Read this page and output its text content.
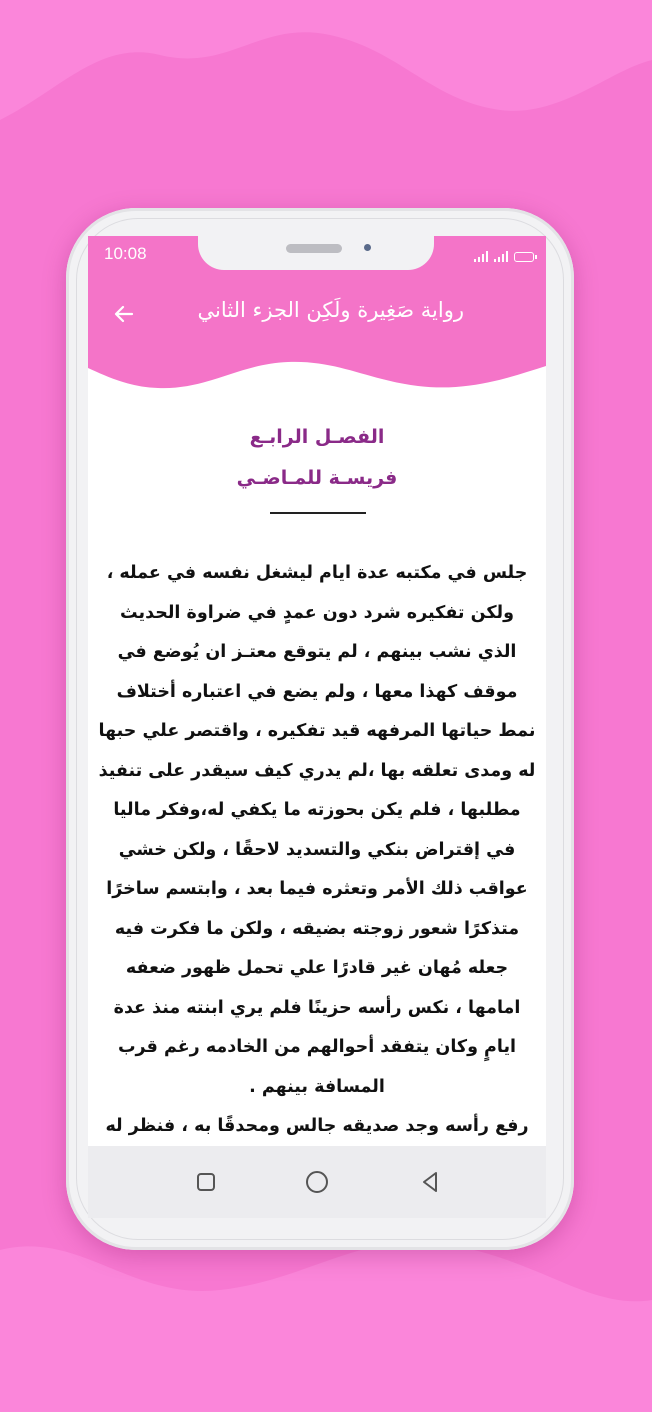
10:08
رواية صَغِيرة ولَكِن الجزء الثاني
الفصـل الرابـع
فريسـة للمـاضـي

جلس في مكتبه عدة ايام ليشغل نفسه في عمله ، ولكن تفكيره شرد دون عمدٍ في ضراوة الحديث الذي نشب بينهم ، لم يتوقع معتـز ان يُوضع في موقف كهذا معها ، ولم يضع في اعتباره أختلاف نمط حياتها المرفهه قيد تفكيره ، واقتصر علي حبها له ومدى تعلقه بها ،لم يدري كيف سيقدر على تنفيذ مطلبها ، فلم يكن بحوزته ما يكفي له،وفكر ماليا في إقتراض بنكي والتسديد لاحقًا ، ولكن خشي عواقب ذلك الأمر وتعثره فيما بعد ، وابتسم ساخرًا متذكرًا شعور زوجته بضيقه ، ولكن ما فكرت فيه جعله مُهان غير قادرًا علي تحمل ظهور ضعفه امامها ، نكس رأسه حزينًا فلم يري ابنته منذ عدة ايامٍ وكان يتفقد أحوالهم من الخادمه رغم قرب المسافة بينهم .

رفع رأسه وجد صديقه جالس ومحدقًا به ، فنظر له
